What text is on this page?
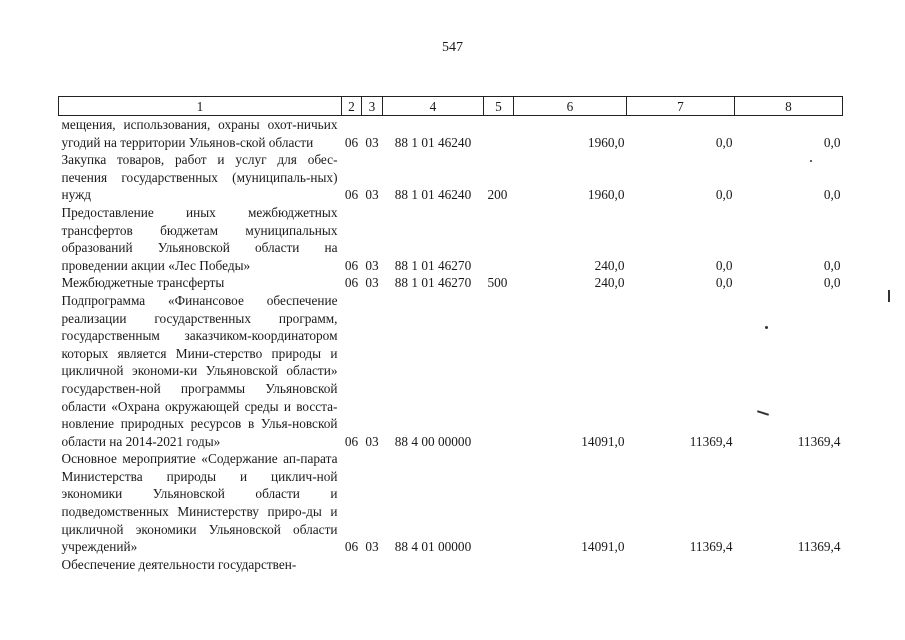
547
1	2	3	4	5	6	7	8
мещения, использования, охраны охот-ничьих угодий на территории Ульянов-ской области	06	03	88 1 01 46240		1960,0	0,0	0,0
Закупка товаров, работ и услуг для обес-печения государственных (муниципаль-ных) нужд	06	03	88 1 01 46240	200	1960,0	0,0	0,0
Предоставление иных межбюджетных трансфертов бюджетам муниципальных образований Ульяновской области на проведении акции «Лес Победы»	06	03	88 1 01 46270		240,0	0,0	0,0
Межбюджетные трансферты	06	03	88 1 01 46270	500	240,0	0,0	0,0
Подпрограмма «Финансовое обеспечение реализации государственных программ, государственным заказчиком-координатором которых является Мини-стерство природы и цикличной экономи-ки Ульяновской области» государствен-ной программы Ульяновской области «Охрана окружающей среды и восста-новление природных ресурсов в Улья-новской области на 2014-2021 годы»	06	03	88 4 00 00000		14091,0	11369,4	11369,4
Основное мероприятие «Содержание ап-парата Министерства природы и циклич-ной экономики Ульяновской области и подведомственных Министерству приро-ды и цикличной экономики Ульяновской области учреждений»	06	03	88 4 01 00000		14091,0	11369,4	11369,4
Обеспечение деятельности государствен-							
